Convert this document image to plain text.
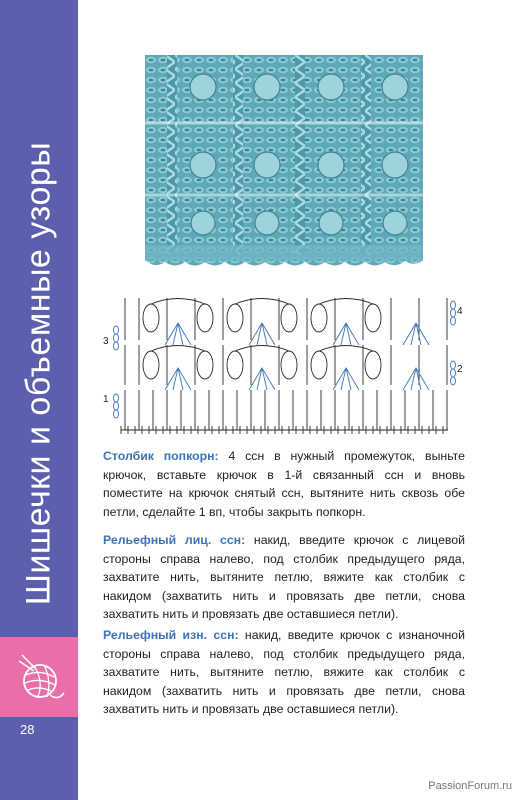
Шишечки и объемные узоры
28
1
2
3
4
Столбик попкорн: 4 ссн в нужный промежуток, выньте крючок, вставьте крючок в 1-й связанный ссн и вновь поместите на крючок снятый ссн, вытяните нить сквозь обе петли, сделайте 1 вп, чтобы закрыть попкорн.
Рельефный лиц. ссн: накид, введите крючок с лицевой стороны справа налево, под столбик предыдущего ряда, захватите нить, вытяните петлю, вяжите как столбик с накидом (захватить нить и провязать две петли, снова захватить нить и провязать две оставшиеся петли).
Рельефный изн. ссн: накид, введите крючок с изнаночной стороны справа налево, под столбик предыдущего ряда, захватите нить, вытяните петлю, вяжите как столбик с накидом (захватить нить и провязать две петли, снова захватить нить и провязать две оставшиеся петли).
PassionForum.ru
